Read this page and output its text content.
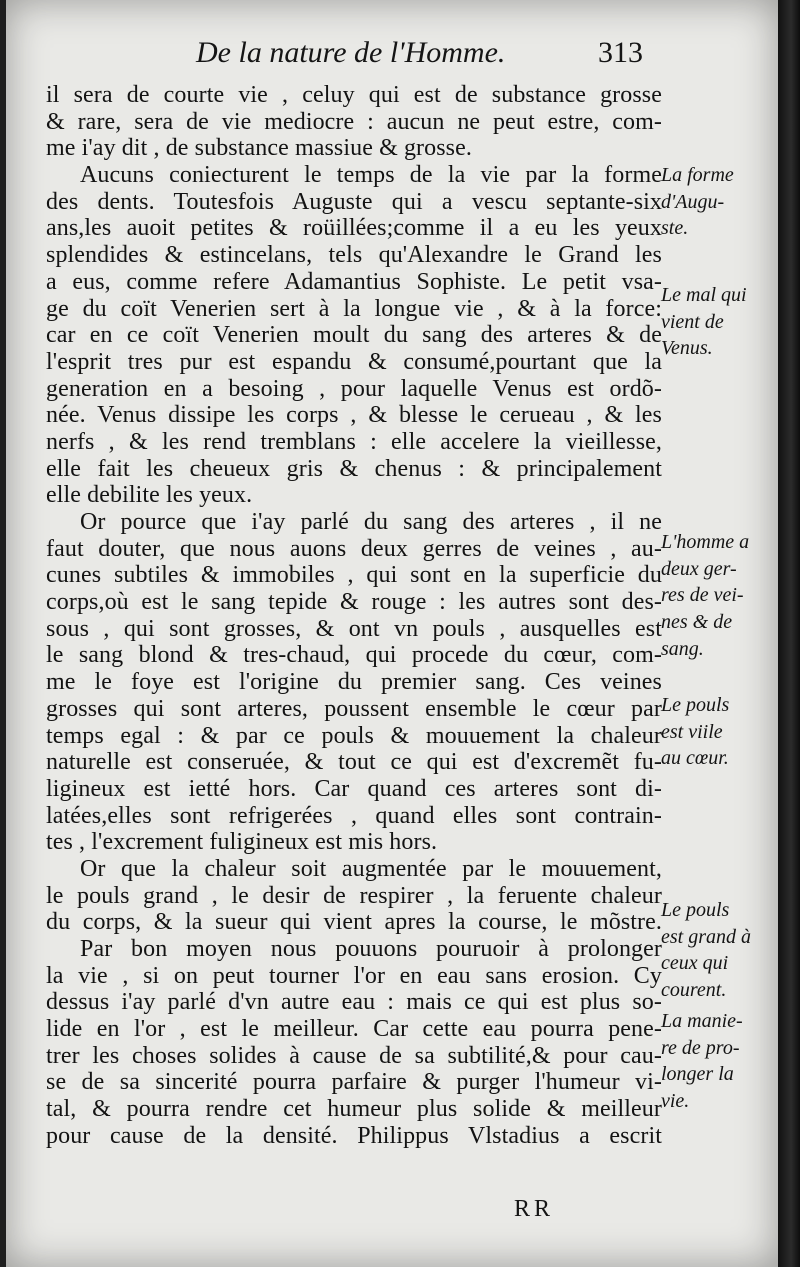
De la nature de l'Homme.	313
il sera de courte vie , celuy qui est de substance grosse
& rare, sera de vie mediocre : aucun ne peut estre, com-
me i'ay dit , de substance massiue & grosse.
Aucuns coniecturent le temps de la vie par la forme
des dents. Toutesfois Auguste qui a vescu septante-six
ans,les auoit petites & roüillées;comme il a eu les yeux
splendides & estincelans, tels qu'Alexandre le Grand les
a eus, comme refere Adamantius Sophiste. Le petit vsa-
ge du coït Venerien sert à la longue vie , & à la force:
car en ce coït Venerien moult du sang des arteres & de
l'esprit tres pur est espandu & consumé,pourtant que la
generation en a besoing , pour laquelle Venus est ordõ-
née. Venus dissipe les corps , & blesse le cerueau , & les
nerfs , & les rend tremblans : elle accelere la vieillesse,
elle fait les cheueux gris & chenus : & principalement
elle debilite les yeux.
Or pource que i'ay parlé du sang des arteres , il ne
faut douter, que nous auons deux gerres de veines , au-
cunes subtiles & immobiles , qui sont en la superficie du
corps,où est le sang tepide & rouge : les autres sont des-
sous , qui sont grosses, & ont vn pouls , ausquelles est
le sang blond & tres-chaud, qui procede du cœur, com-
me le foye est l'origine du premier sang. Ces veines
grosses qui sont arteres, poussent ensemble le cœur par
temps egal : & par ce pouls & mouuement la chaleur
naturelle est conseruée, & tout ce qui est d'excremẽt fu-
ligineux est ietté hors. Car quand ces arteres sont di-
latées,elles sont refrigerées , quand elles sont contrain-
tes , l'excrement fuligineux est mis hors.
Or que la chaleur soit augmentée par le mouuement,
le pouls grand , le desir de respirer , la feruente chaleur
du corps, & la sueur qui vient apres la course, le mõstre.
Par bon moyen nous pouuons pouruoir à prolonger
la vie , si on peut tourner l'or en eau sans erosion. Cy
dessus i'ay parlé d'vn autre eau : mais ce qui est plus so-
lide en l'or , est le meilleur. Car cette eau pourra pene-
trer les choses solides à cause de sa subtilité,& pour cau-
se de sa sincerité pourra parfaire & purger l'humeur vi-
tal, & pourra rendre cet humeur plus solide & meilleur
pour cause de la densité. Philippus Vlstadius a escrit
La forme
d'Augu-
ste.
Le mal qui
vient de
Venus.
L'homme a
deux ger-
res de vei-
nes & de
sang.
Le pouls
est viile
au cœur.
Le pouls
est grand à
ceux qui
courent.
La manie-
re de pro-
longer la
vie.
RR
